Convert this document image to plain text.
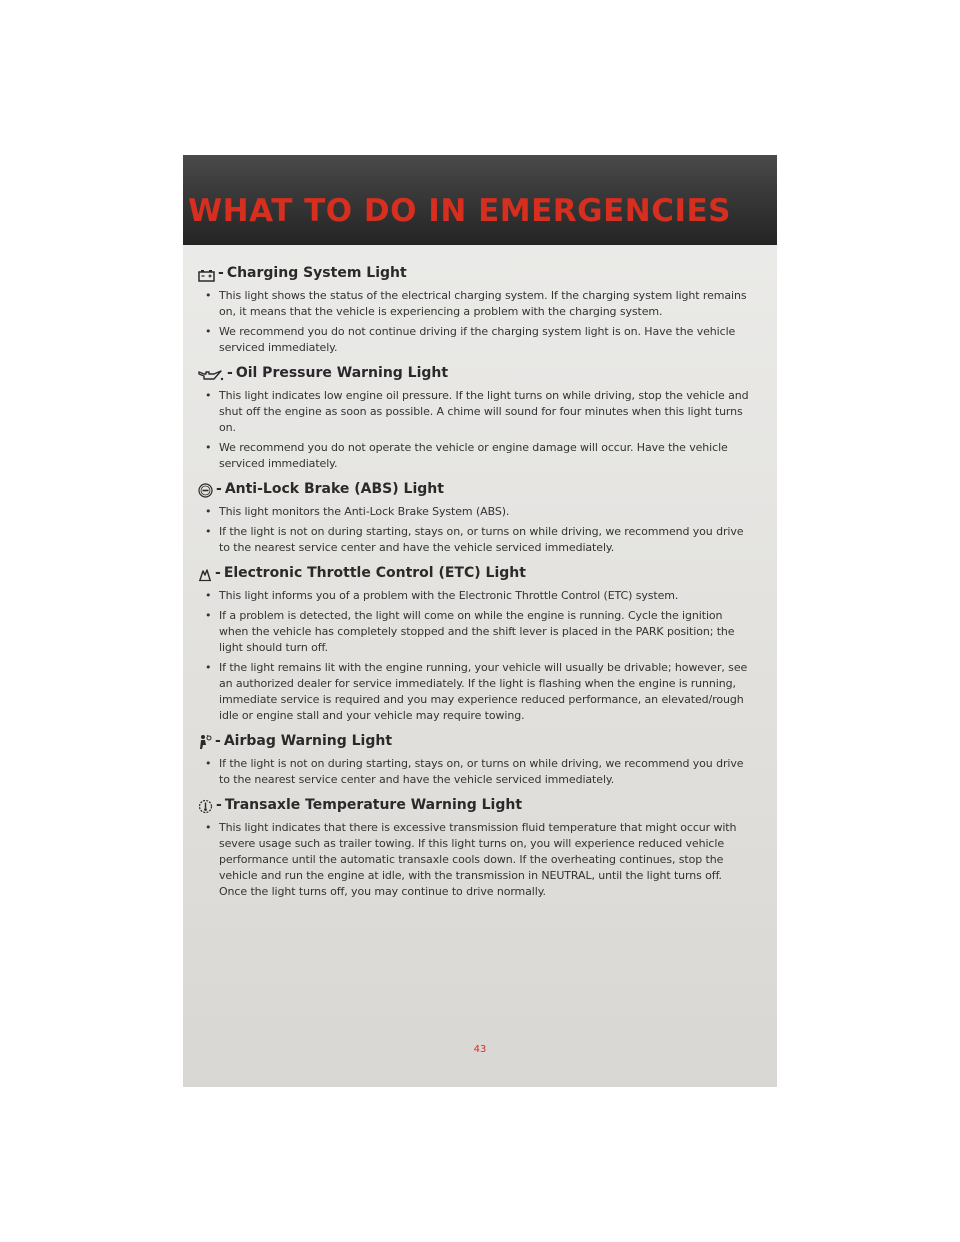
WHAT TO DO IN EMERGENCIES
- Charging System Light

• This light shows the status of the electrical charging system. If the charging system light remains on, it means that the vehicle is experiencing a problem with the charging system.

• We recommend you do not continue driving if the charging system light is on. Have the vehicle serviced immediately.

- Oil Pressure Warning Light

• This light indicates low engine oil pressure. If the light turns on while driving, stop the vehicle and shut off the engine as soon as possible. A chime will sound for four minutes when this light turns on.

• We recommend you do not operate the vehicle or engine damage will occur. Have the vehicle serviced immediately.

- Anti-Lock Brake (ABS) Light

• This light monitors the Anti-Lock Brake System (ABS).

• If the light is not on during starting, stays on, or turns on while driving, we recommend you drive to the nearest service center and have the vehicle serviced immediately.

- Electronic Throttle Control (ETC) Light

• This light informs you of a problem with the Electronic Throttle Control (ETC) system.

• If a problem is detected, the light will come on while the engine is running. Cycle the ignition when the vehicle has completely stopped and the shift lever is placed in the PARK position; the light should turn off.

• If the light remains lit with the engine running, your vehicle will usually be drivable; however, see an authorized dealer for service immediately. If the light is flashing when the engine is running, immediate service is required and you may experience reduced performance, an elevated/rough idle or engine stall and your vehicle may require towing.

- Airbag Warning Light

• If the light is not on during starting, stays on, or turns on while driving, we recommend you drive to the nearest service center and have the vehicle serviced immediately.

- Transaxle Temperature Warning Light

• This light indicates that there is excessive transmission fluid temperature that might occur with severe usage such as trailer towing. If this light turns on, you will experience reduced vehicle performance until the automatic transaxle cools down. If the overheating continues, stop the vehicle and run the engine at idle, with the transmission in NEUTRAL, until the light turns off. Once the light turns off, you may continue to drive normally.

43
